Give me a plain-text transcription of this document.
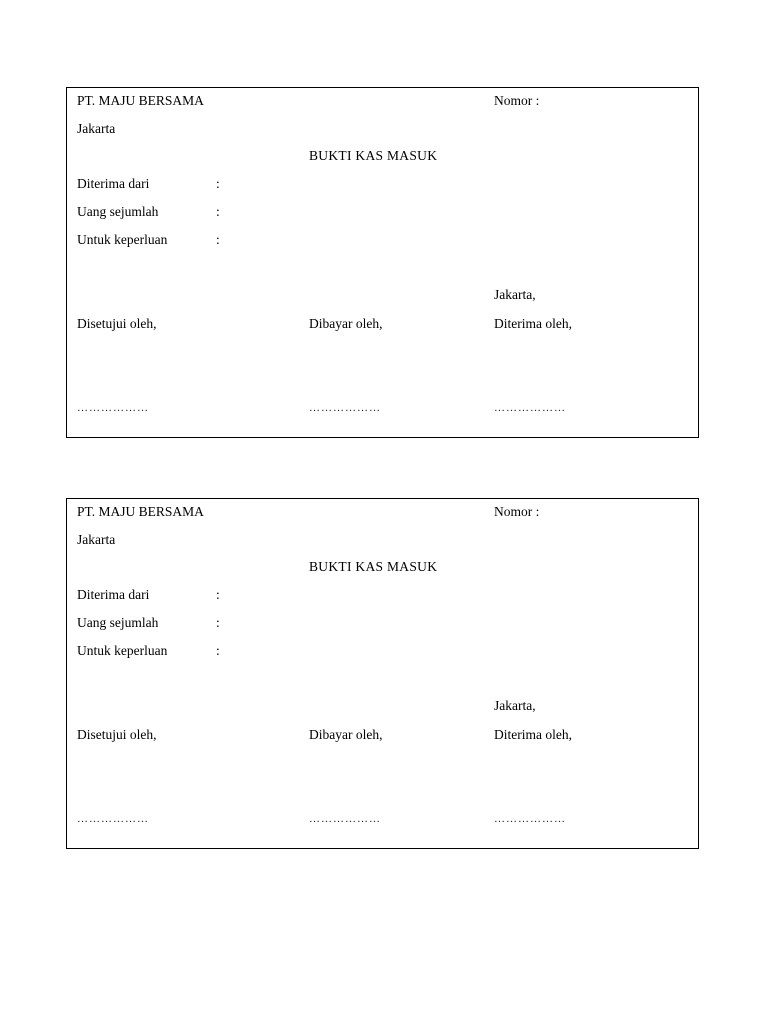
PT. MAJU BERSAMA
Jakarta
Nomor :
BUKTI KAS MASUK
Diterima dari	:
Uang sejumlah	:
Untuk keperluan	:
Jakarta,
Disetujui oleh,	Dibayar oleh,	Diterima oleh,
………………	………………	………………
PT. MAJU BERSAMA
Jakarta
Nomor :
BUKTI KAS MASUK
Diterima dari	:
Uang sejumlah	:
Untuk keperluan	:
Jakarta,
Disetujui oleh,	Dibayar oleh,	Diterima oleh,
………………	………………	………………
